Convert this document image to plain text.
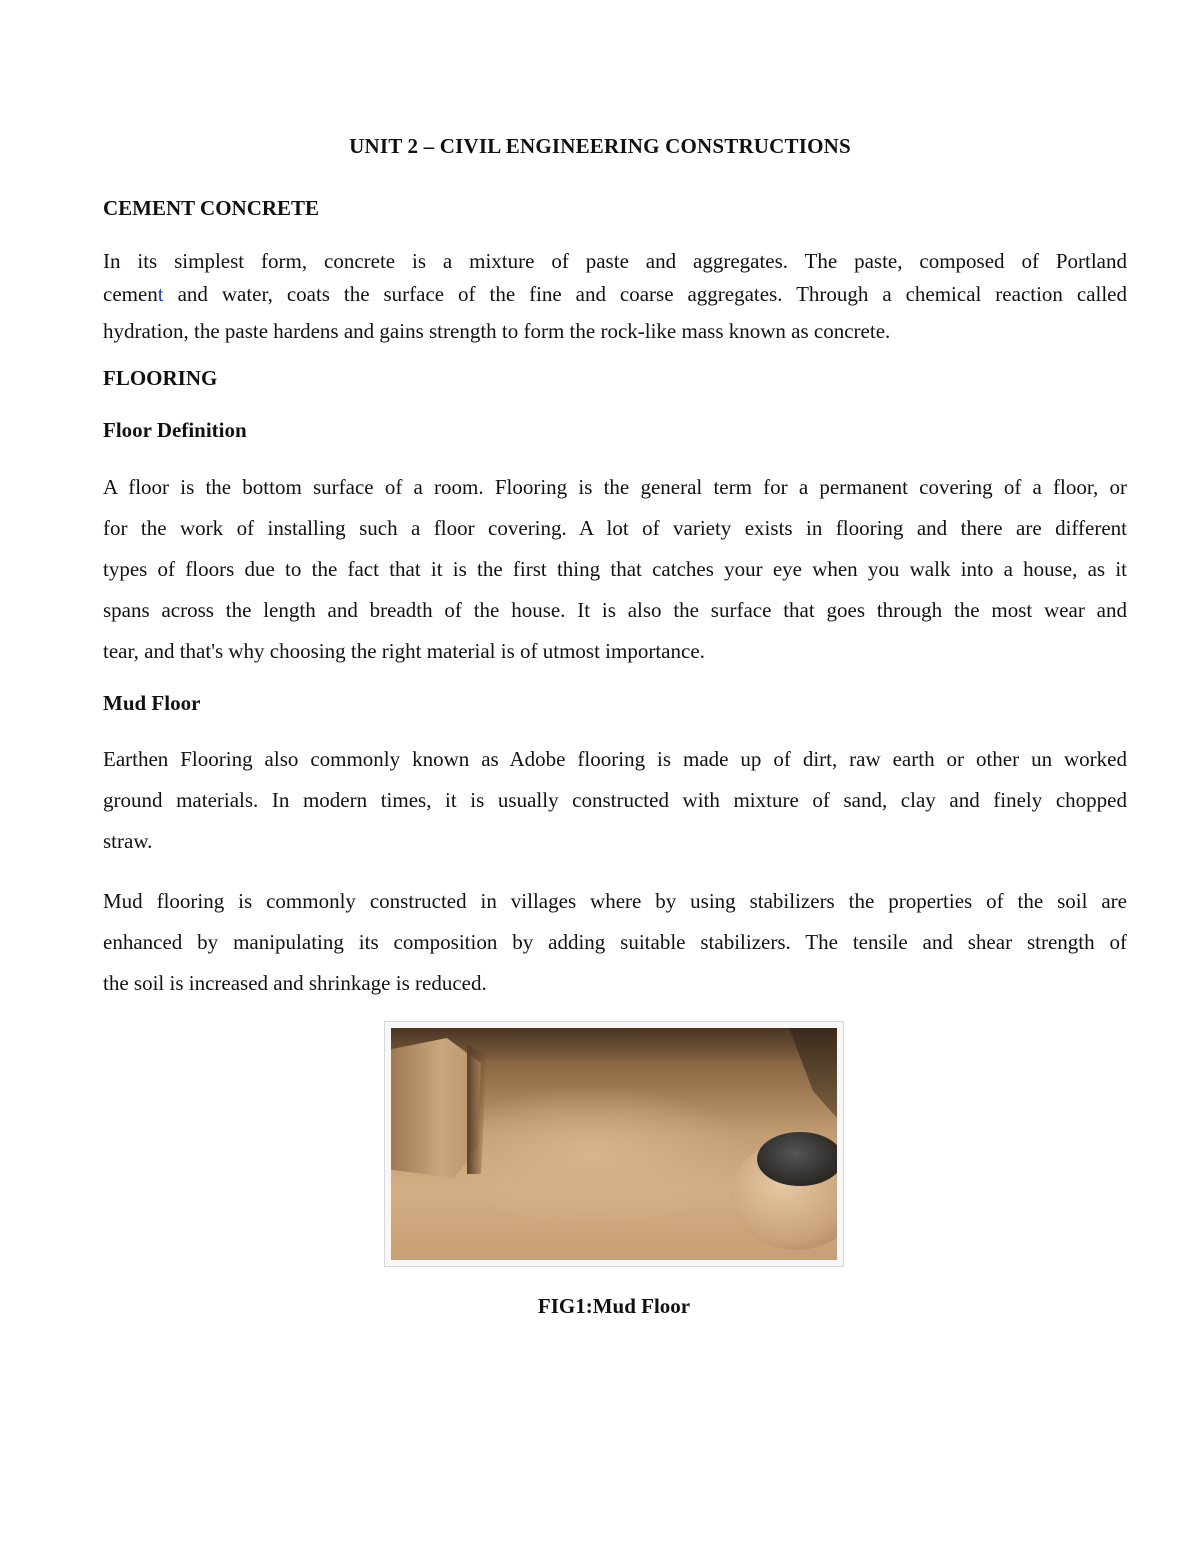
UNIT 2 – CIVIL ENGINEERING CONSTRUCTIONS
CEMENT CONCRETE
In its simplest form, concrete is a mixture of paste and aggregates. The paste, composed of Portland
cement and water, coats the surface of the fine and coarse aggregates. Through a chemical reaction called
hydration, the paste hardens and gains strength to form the rock-like mass known as concrete.
FLOORING
Floor Definition
A floor is the bottom surface of a room. Flooring is the general term for a permanent covering of a floor, or
for the work of installing such a floor covering. A lot of variety exists in flooring and there are different
types of floors due to the fact that it is the first thing that catches your eye when you walk into a house, as it
spans across the length and breadth of the house. It is also the surface that goes through the most wear and
tear, and that's why choosing the right material is of utmost importance.
Mud Floor
Earthen Flooring also commonly known as Adobe flooring is made up of dirt, raw earth or other un worked
ground materials. In modern times, it is usually constructed with mixture of sand, clay and finely chopped
straw.
Mud flooring is commonly constructed in villages where by using stabilizers the properties of the soil are
enhanced by manipulating its composition by adding suitable stabilizers. The tensile and shear strength of
the soil is increased and shrinkage is reduced.
FIG1:Mud Floor
